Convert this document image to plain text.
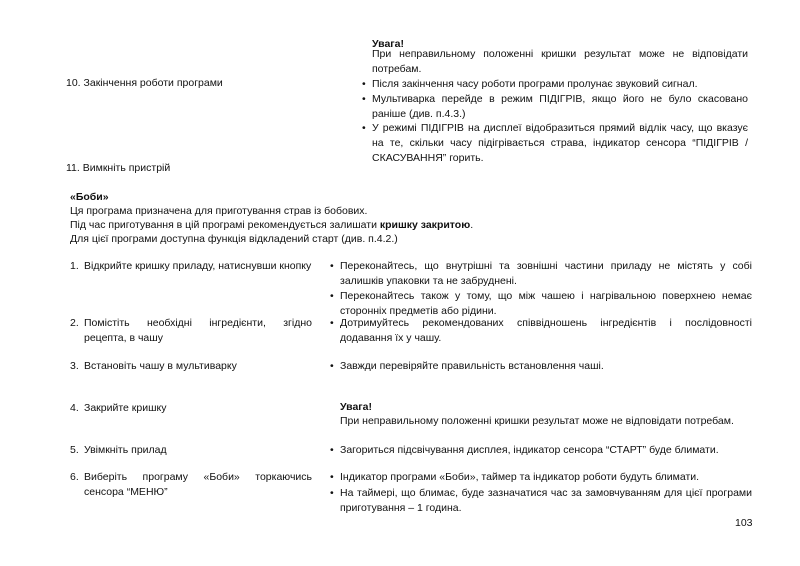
Увага!
При неправильному положенні кришки результат може не відповідати потребам.
10. Закінчення роботи програми	• Після закінчення часу роботи програми пролунає звуковий сигнал.
• Мультиварка перейде в режим ПІДІГРІВ, якщо його не було скасовано раніше (див. п.4.3.)
• У режимі ПІДІГРІВ на дисплеї відобразиться прямий відлік часу, що вказує на те, скільки часу підігрівається страва, індикатор сенсора “ПІДІГРІВ / СКАСУВАННЯ” горить.
11. Вимкніть пристрій

«Боби»

Ця програма призначена для приготування страв із бобових.

Під час приготування в цій програмі рекомендується залишати кришку закритою.

Для цієї програми доступна функція відкладений старт (див. п.4.2.)

1. Відкрийте кришку приладу, натиснувши кнопку
2. Помістіть необхідні інгредієнти, згідно рецепта, в чашу
3. Встановіть чашу в мультиварку
4. Закрийте кришку
5. Увімкніть прилад
6. Виберіть програму «Боби» торкаючись сенсора “МЕНЮ”
• Переконайтесь, що внутрішні та зовнішні частини приладу не містять у собі залишків упаковки та не забруднені.
• Переконайтесь також у тому, що між чашею і нагрівальною поверхнею немає сторонніх предметів або рідини.
• Дотримуйтесь рекомендованих співвідношень інгредієнтів і послідовності додавання їх у чашу.
• Завжди перевіряйте правильність встановлення чаші.
Увага!
При неправильному положенні кришки результат може не відповідати потребам.
• Загориться підсвічування дисплея, індикатор сенсора “СТАРТ” буде блимати.
• Індикатор програми «Боби», таймер та індикатор роботи будуть блимати.
• На таймері, що блимає, буде зазначатися час за замовчуванням для цієї програми приготування – 1 година.
103
